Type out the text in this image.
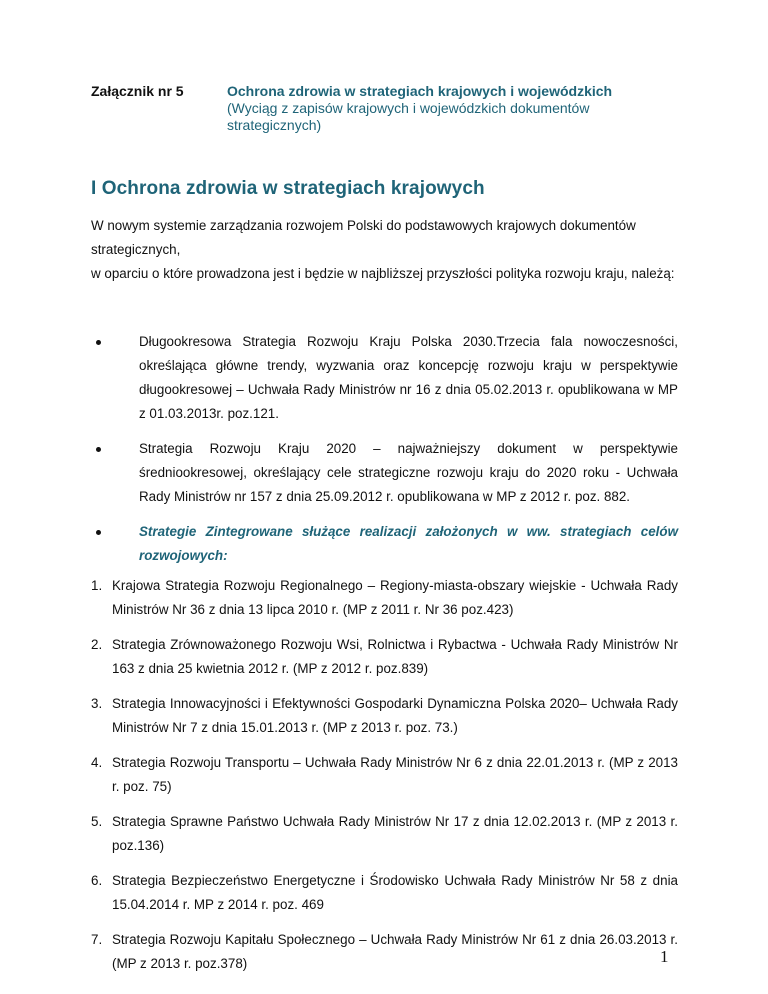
Załącznik nr 5	Ochrona zdrowia w strategiach krajowych i wojewódzkich
(Wyciąg z zapisów krajowych i wojewódzkich dokumentów strategicznych)
I Ochrona zdrowia w strategiach krajowych

W nowym systemie zarządzania rozwojem Polski do podstawowych krajowych dokumentów strategicznych,

w oparciu o które prowadzona jest i będzie w najbliższej przyszłości polityka rozwoju kraju, należą:

Długookresowa Strategia Rozwoju Kraju Polska 2030.Trzecia fala nowoczesności, określająca główne trendy, wyzwania oraz koncepcję rozwoju kraju w perspektywie długookresowej – Uchwała Rady Ministrów nr 16 z dnia 05.02.2013 r. opublikowana w MP z 01.03.2013r. poz.121.
Strategia Rozwoju Kraju 2020 – najważniejszy dokument w perspektywie średniookresowej, określający cele strategiczne rozwoju kraju do 2020 roku - Uchwała Rady Ministrów nr 157 z dnia 25.09.2012 r. opublikowana w MP z 2012 r. poz. 882.
Strategie Zintegrowane służące realizacji założonych w ww. strategiach celów rozwojowych:
1. Krajowa Strategia Rozwoju Regionalnego – Regiony-miasta-obszary wiejskie - Uchwała Rady Ministrów Nr 36 z dnia 13 lipca 2010 r. (MP z 2011 r. Nr 36 poz.423)
2. Strategia Zrównoważonego Rozwoju Wsi, Rolnictwa i Rybactwa - Uchwała Rady Ministrów Nr 163 z dnia 25 kwietnia 2012 r. (MP z 2012 r. poz.839)
3. Strategia Innowacyjności i Efektywności Gospodarki Dynamiczna Polska 2020– Uchwała Rady Ministrów Nr 7 z dnia 15.01.2013 r. (MP z 2013 r. poz. 73.)
4. Strategia Rozwoju Transportu – Uchwała Rady Ministrów Nr 6 z dnia 22.01.2013 r. (MP z 2013 r. poz. 75)
5. Strategia Sprawne Państwo Uchwała Rady Ministrów Nr 17 z dnia 12.02.2013 r. (MP z 2013 r. poz.136)
6. Strategia Bezpieczeństwo Energetyczne i Środowisko Uchwała Rady Ministrów Nr 58 z dnia 15.04.2014 r. MP z 2014 r. poz. 469
7. Strategia Rozwoju Kapitału Społecznego – Uchwała Rady Ministrów Nr 61 z dnia 26.03.2013 r. (MP z 2013 r. poz.378)	1
